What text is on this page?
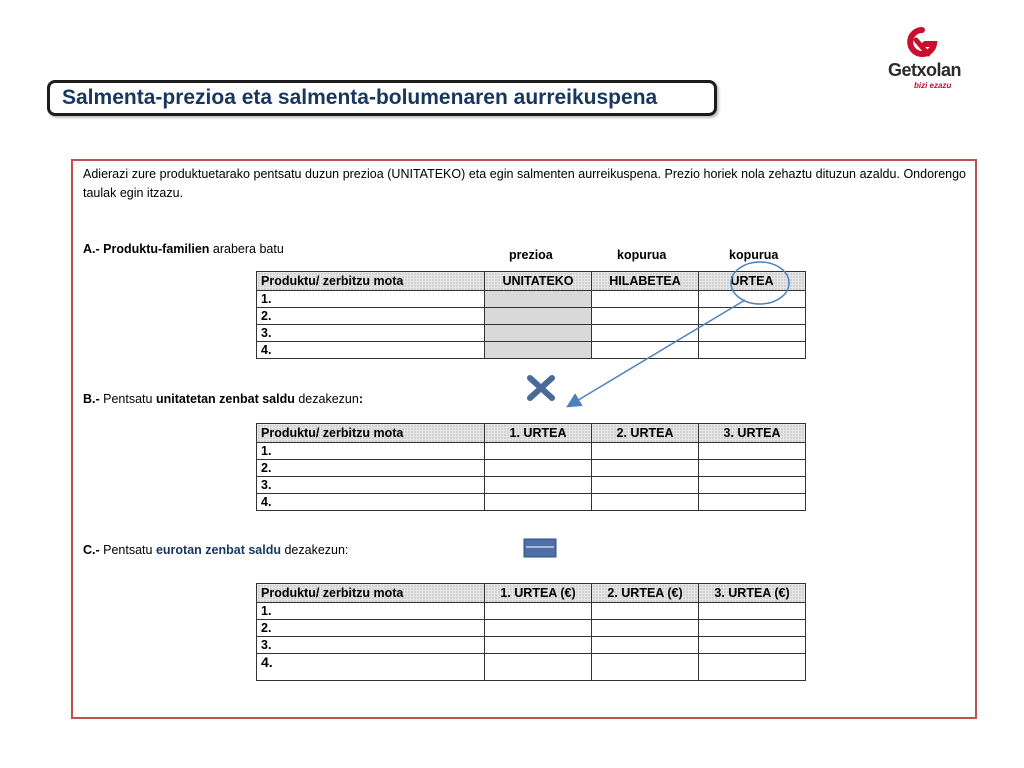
Salmenta-prezioa eta salmenta-bolumenaren aurreikuspena
Getxolan
bizi ezazu
Adierazi zure produktuetarako pentsatu duzun prezioa (UNITATEKO) eta egin salmenten aurreikuspena. Prezio horiek nola zehaztu dituzun azaldu. Ondorengo taulak egin itzazu.
A.- Produktu-familien arabera batu	prezioa	kopurua	kopurua
Produktu/ zerbitzu mota	UNITATEKO	HILABETEA	URTEA
1.			
2.			
3.			
4.			
B.- Pentsatu unitatetan zenbat saldu dezakezun:
Produktu/ zerbitzu mota	1. URTEA	2. URTEA	3. URTEA
1.			
2.			
3.			
4.			
C.- Pentsatu eurotan zenbat saldu dezakezun:
Produktu/ zerbitzu mota	1. URTEA (€)	2. URTEA (€)	3. URTEA (€)
1.			
2.			
3.			
4.			
